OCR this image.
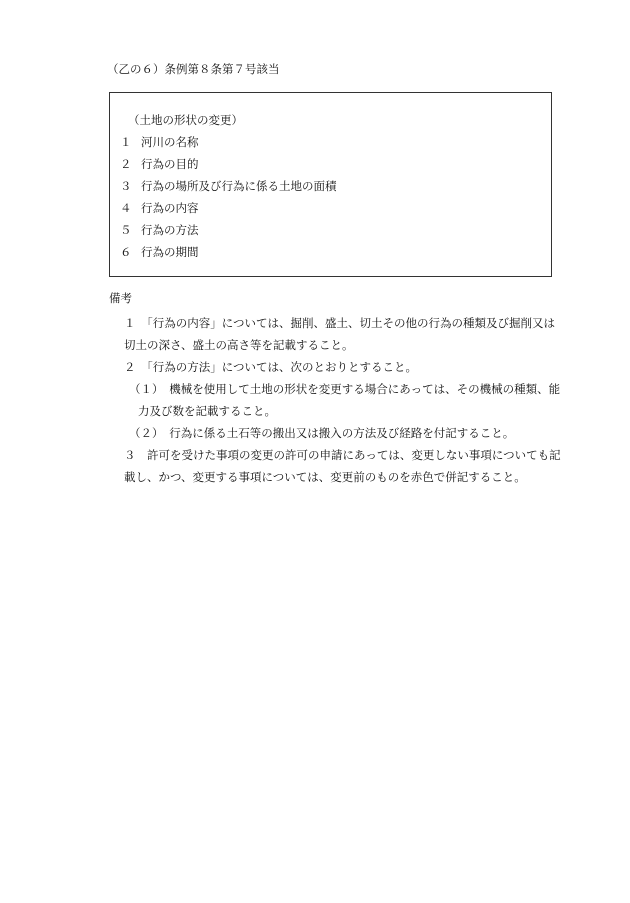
（乙の６）条例第８条第７号該当
（土地の形状の変更）
１ 河川の名称
２ 行為の目的
３ 行為の場所及び行為に係る土地の面積
４ 行為の内容
５ 行為の方法
６ 行為の期間
備考
１　「行為の内容」については、掘削、盛土、切土その他の行為の種類及び掘削又は
切土の深さ、盛土の高さ等を記載すること。
２　「行為の方法」については、次のとおりとすること。
（１）　機械を使用して土地の形状を変更する場合にあっては、その機械の種類、能
力及び数を記載すること。
（２）　行為に係る土石等の搬出又は搬入の方法及び経路を付記すること。
３　許可を受けた事項の変更の許可の申請にあっては、変更しない事項についても記
載し、かつ、変更する事項については、変更前のものを赤色で併記すること。
